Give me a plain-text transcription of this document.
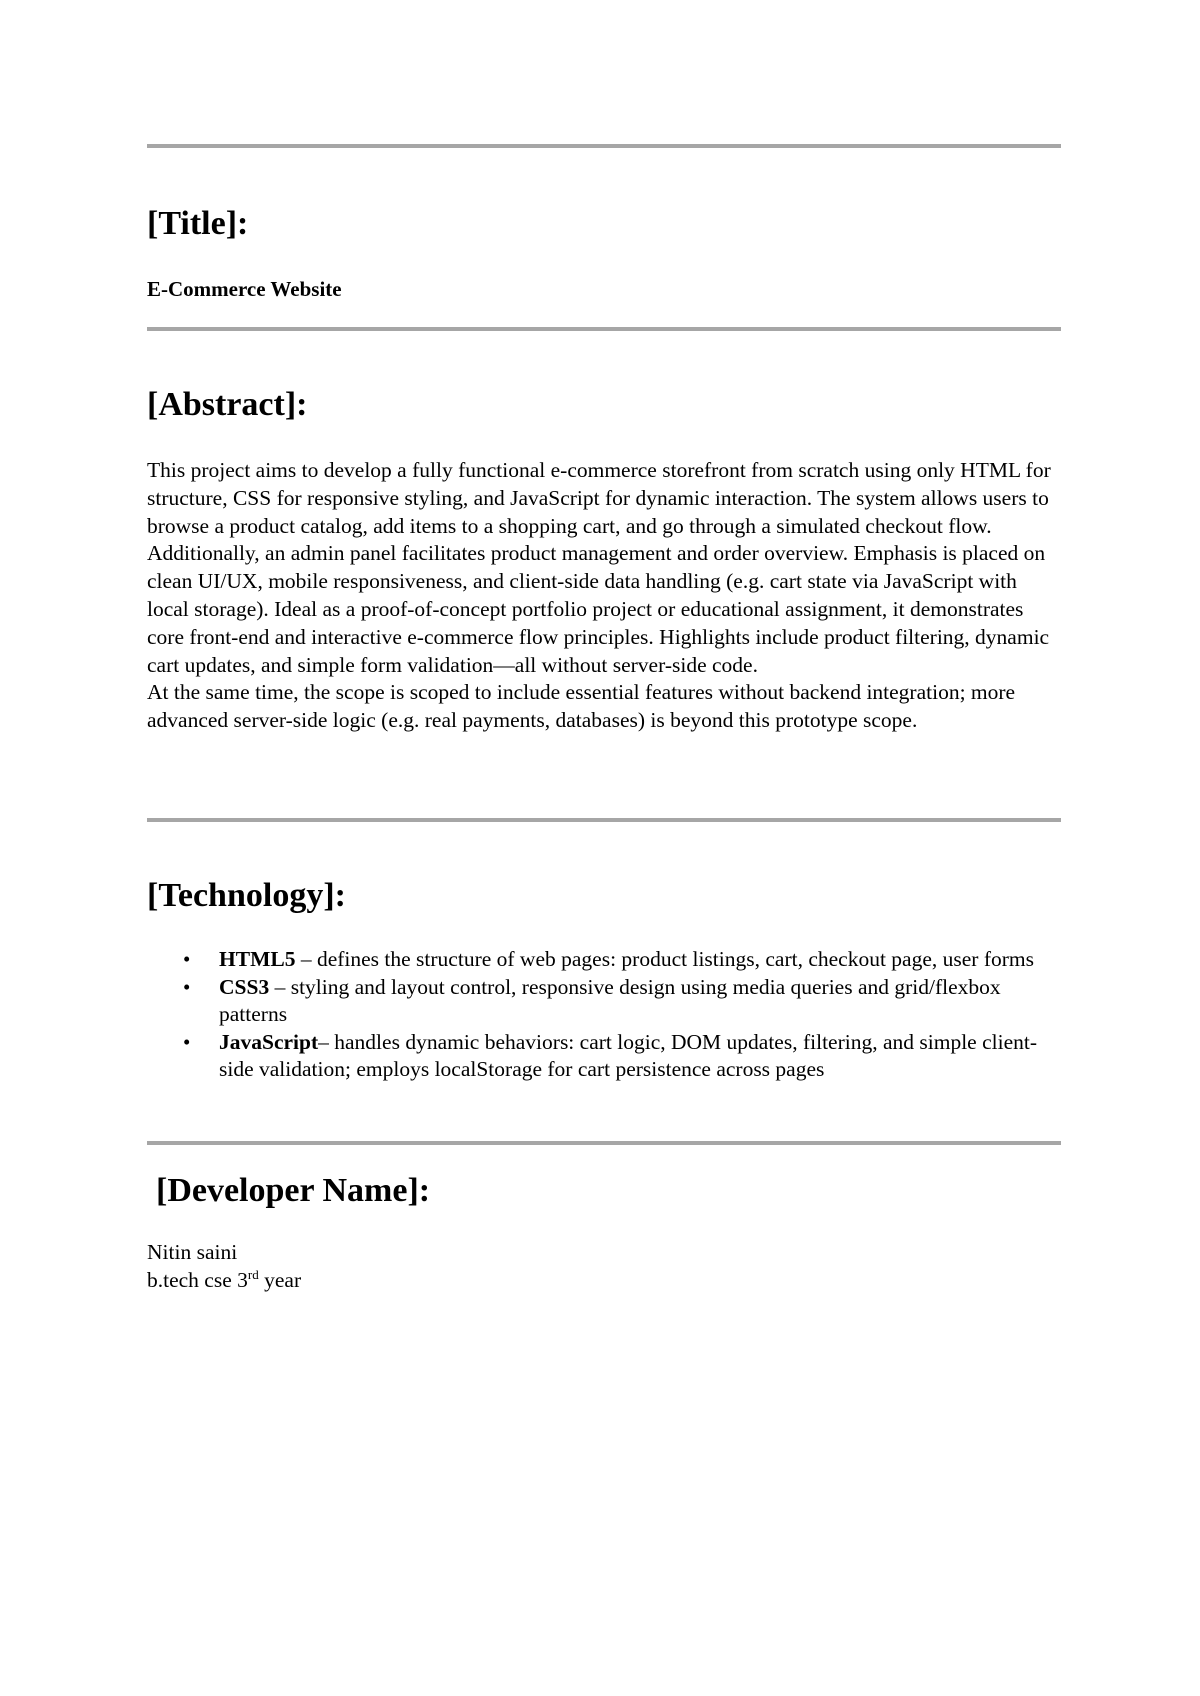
[Title]:
E-Commerce Website
[Abstract]:

This project aims to develop a fully functional e-commerce storefront from scratch using only HTML for structure, CSS for responsive styling, and JavaScript for dynamic interaction. The system allows users to browse a product catalog, add items to a shopping cart, and go through a simulated checkout flow. Additionally, an admin panel facilitates product management and order overview. Emphasis is placed on clean UI/UX, mobile responsiveness, and client-side data handling (e.g. cart state via JavaScript with local storage). Ideal as a proof-of-concept portfolio project or educational assignment, it demonstrates core front-end and interactive e-commerce flow principles. Highlights include product filtering, dynamic cart updates, and simple form validation—all without server-side code.

At the same time, the scope is scoped to include essential features without backend integration; more advanced server-side logic (e.g. real payments, databases) is beyond this prototype scope.

[Technology]:
• HTML5 – defines the structure of web pages: product listings, cart, checkout page, user forms
• CSS3 – styling and layout control, responsive design using media queries and grid/flexbox patterns
• JavaScript– handles dynamic behaviors: cart logic, DOM updates, filtering, and simple client-side validation; employs localStorage for cart persistence across pages
[Developer Name]:
Nitin saini
b.tech cse 3rd year
